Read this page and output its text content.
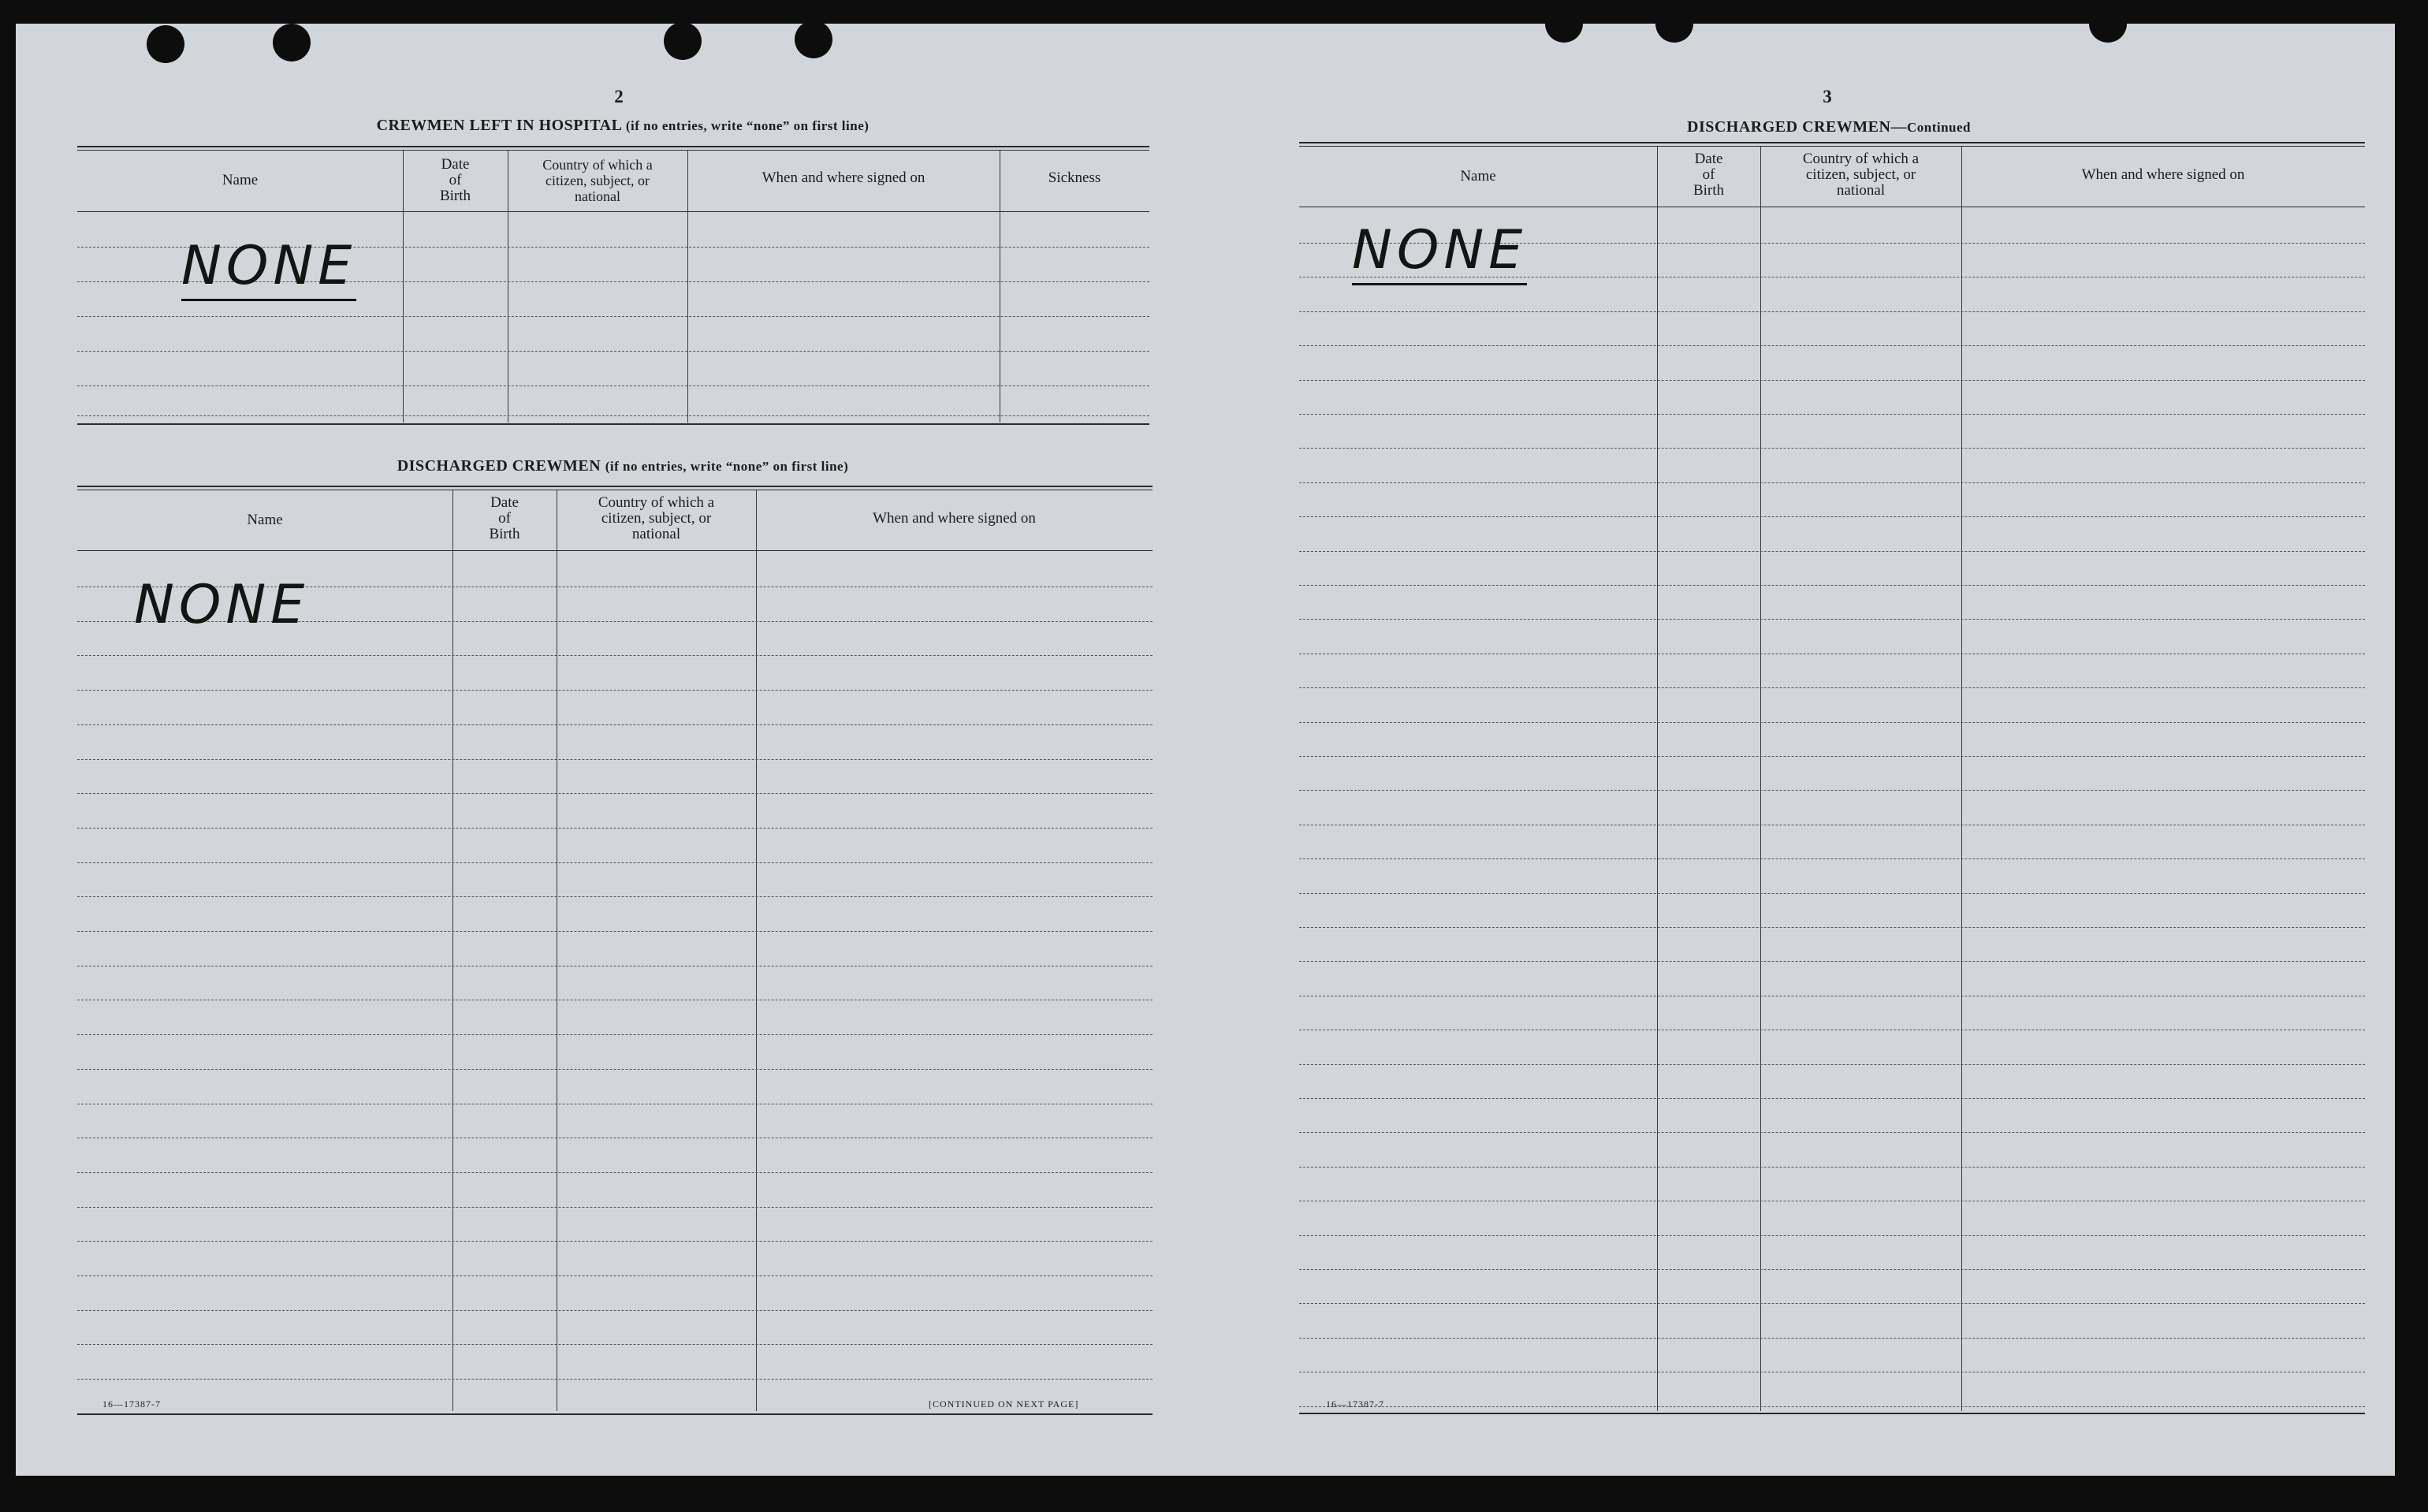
2
CREWMEN LEFT IN HOSPITAL (if no entries, write “none” on first line)
Name
Date
of
Birth
Country of which a
citizen, subject, or
national
When and where signed on	Sickness
NONE
DISCHARGED CREWMEN (if no entries, write “none” on first line)
Name
Date
of
Birth
Country of which a
citizen, subject, or
national
When and where signed on
NONE
16—17387-7	[CONTINUED ON NEXT PAGE]
3
DISCHARGED CREWMEN—Continued
Name
Date
of
Birth
Country of which a
citizen, subject, or
national
When and where signed on
NONE
16—17387-7
